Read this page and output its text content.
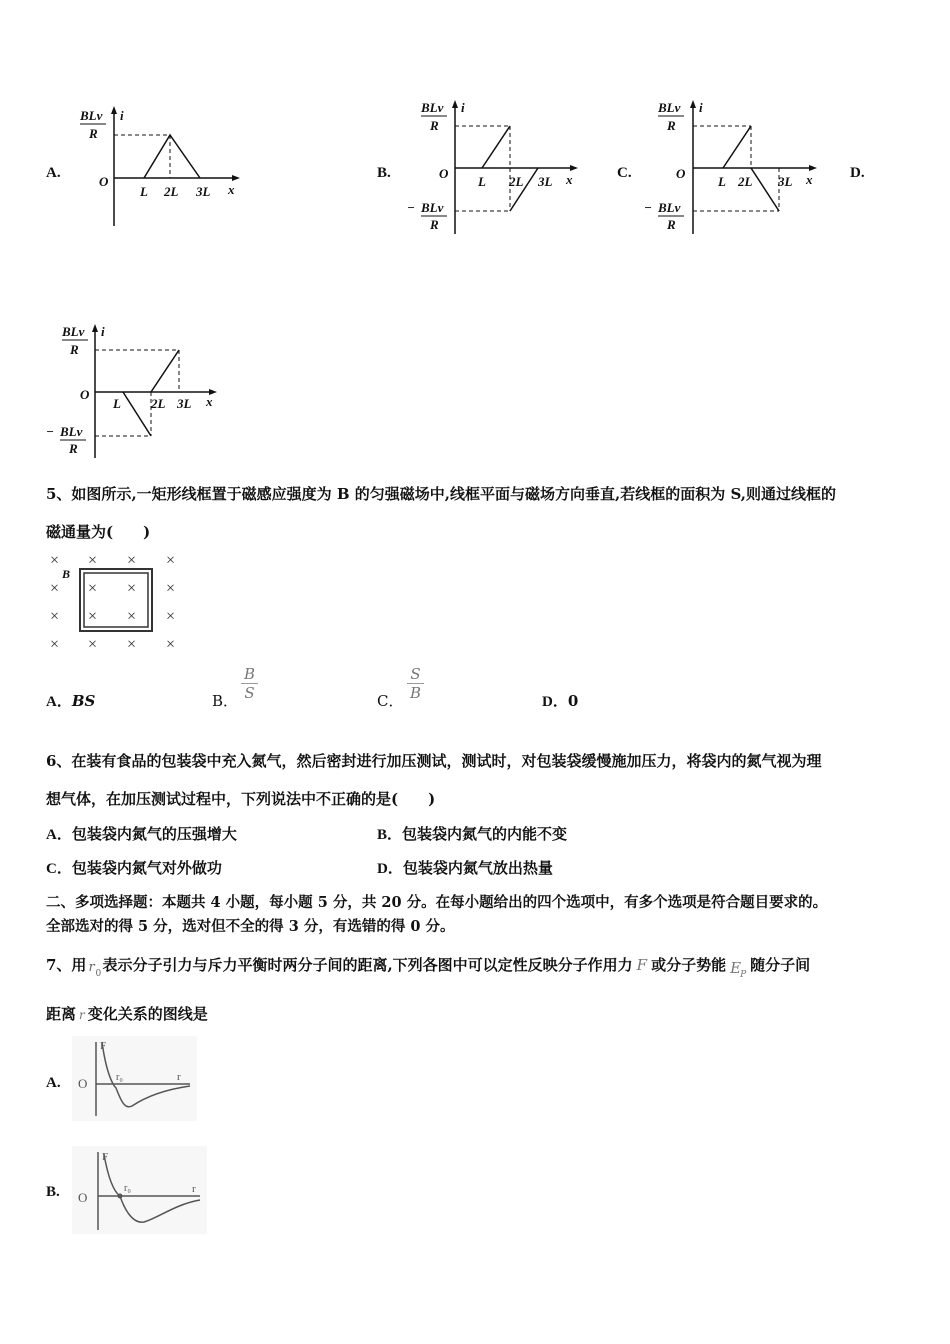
A.	B.	C.	D.
BLv
R
i
O
L 2L 3L x
BLv
R
i
O
L 2L 3L x
− BLv
R
BLv
R
i
O
L 2L 3L x
− BLv
R
BLv
R
i
O
L 2L 3L x
− BLv
R
5、如图所示,一矩形线框置于磁感应强度为 B 的匀强磁场中,线框平面与磁场方向垂直,若线框的面积为 S,则通过线框的
磁通量为(　　)
B
× × × ×
× × × ×
× × × ×
× × × ×
A．BS	B． $\frac{B}{S}$	C． $\frac{S}{B}$	D．0
6、在装有食品的包装袋中充入氮气，然后密封进行加压测试，测试时，对包装袋缓慢施加压力，将袋内的氮气视为理
想气体，在加压测试过程中，下列说法中不正确的是(　　)
A．包装袋内氮气的压强增大	B．包装袋内氮气的内能不变
C．包装袋内氮气对外做功	D．包装袋内氮气放出热量
二、多项选择题：本题共 4 小题，每小题 5 分，共 20 分。在每小题给出的四个选项中，有多个选项是符合题目要求的。
全部选对的得 5 分，选对但不全的得 3 分，有选错的得 0 分。
7、用 r 0 表示分子引力与斥力平衡时两分子间的距离,下列各图中可以定性反映分子作用力 F 或分子势能 E P
随分子间
距离 r 变化关系的图线是
A.
B.
F
O	r₀	r
F
O
r₀	r
